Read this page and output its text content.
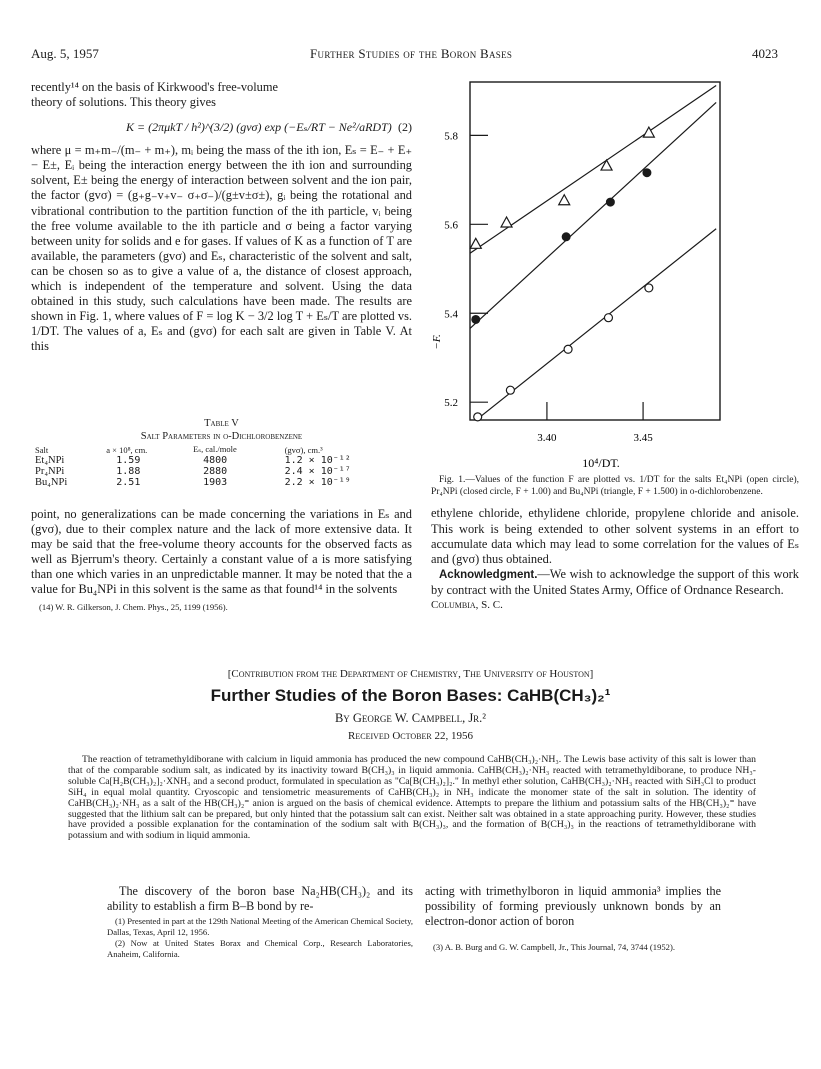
Aug. 5, 1957	Further Studies of the Boron Bases	4023

recently¹⁴ on the basis of Kirkwood's free-volume

theory of solutions. This theory gives

K = (2πμkT / h²)^(3/2) (gvσ) exp (−Eₛ/RT − Ne²/aRDT) (2)

where μ = m₊m₋/(m₋ + m₊), mᵢ being the mass of the ith ion, Eₛ = E₋ + E₊ − E±, Eᵢ being the interaction energy between the ith ion and surrounding solvent, E± being the energy of interaction between solvent and the ion pair, the factor (gvσ) = (g₊g₋v₊v₋ σ₊σ₋)/(g±v±σ±), gᵢ being the rotational and vibrational contribution to the partition function of the ith particle, vᵢ being the free volume available to the ith particle and σ being a factor varying between unity for solids and e for gases. If values of K as a function of T are available, the parameters (gvσ) and Eₛ, characteristic of the solvent and salt, can be chosen so as to give a value of a, the distance of closest approach, which is independent of the temperature and solvent. Using the data obtained in this study, such calculations have been made. The results are shown in Fig. 1, where values of F = log K − 3/2 log T + Eₛ/T are plotted vs. 1/DT. The values of a, Eₛ and (gvσ) for each salt are given in Table V. At this

Table V
Salt Parameters in o-Dichlorobenzene
Salt	a × 10⁸, cm.	Eₛ, cal./mole	(gvσ), cm.³
Et₄NPi	1.59	4800	1.2 × 10⁻¹²
Pr₄NPi	1.88	2880	2.4 × 10⁻¹⁷
Bu₄NPi	2.51	1903	2.2 × 10⁻¹⁹

point, no generalizations can be made concerning the variations in Eₛ and (gvσ), due to their complex nature and the lack of more extensive data. It may be said that the free-volume theory accounts for the observed facts as well as Bjerrum's theory. Certainly a constant value of a is more satisfying than one which varies in an unpredictable manner. It may be noted that the a value for Bu₄NPi in this solvent is the same as that found¹⁴ in the solvents

(14) W. R. Gilkerson, J. Chem. Phys., 25, 1199 (1956).
5.2
5.4
5.6
5.8
3.40	3.45
−F.
10⁴/DT.
Fig. 1.—Values of the function F are plotted vs. 1/DT for the salts Et₄NPi (open circle), Pr₄NPi (closed circle, F + 1.00) and Bu₄NPi (triangle, F + 1.500) in o-dichlorobenzene.
ethylene chloride, ethylidene chloride, propylene chloride and anisole. This work is being extended to other solvent systems in an effort to accumulate data which may lead to some correlation for the values of Eₛ and (gvσ) thus obtained.
Acknowledgment.—We wish to acknowledge the support of this work by contract with the United States Army, Office of Ordnance Research.
Columbia, S. C.
[Contribution from the Department of Chemistry, The University of Houston]
Further Studies of the Boron Bases: CaHB(CH₃)₂¹
By George W. Campbell, Jr.²
Received October 22, 1956
The reaction of tetramethyldiborane with calcium in liquid ammonia has produced the new compound CaHB(CH₃)₂·NH₃. The Lewis base activity of this salt is lower than that of the comparable sodium salt, as indicated by its inactivity toward B(CH₃)₃ in liquid ammonia. CaHB(CH₃)₂·NH₃ reacted with tetramethyldiborane, to produce NH₃-soluble Ca[H₂B(CH₃)₂]₂·XNH₃ and a second product, formulated in speculation as "Ca[B(CH₃)₂]₂." In methyl ether solution, CaHB(CH₃)₂·NH₃ reacted with SiH₃Cl to product SiH₄ in equal molal quantity. Cryoscopic and tensiometric measurements of CaHB(CH₃)₂ in NH₃ indicate the monomer state of the salt in solution. The identity of CaHB(CH₃)₂·NH₃ as a salt of the HB(CH₃)₂⁼ anion is argued on the basis of chemical evidence. Attempts to prepare the lithium and potassium salts of the HB(CH₃)₂⁼ have suggested that the lithium salt can be prepared, but only hinted that the potassium salt can exist. Neither salt was obtained in a state approaching purity. However, these studies have provided a possible explanation for the contamination of the sodium salt with B(CH₃)₃, and the formation of B(CH₃)₃ in the reactions of tetramethyldiborane with potassium and with sodium in liquid ammonia.
The discovery of the boron base Na₂HB(CH₃)₂ and its ability to establish a firm B–B bond by re-
(1) Presented in part at the 129th National Meeting of the American Chemical Society, Dallas, Texas, April 12, 1956.
(2) Now at United States Borax and Chemical Corp., Research Laboratories, Anaheim, California.
acting with trimethylboron in liquid ammonia³ implies the possibility of forming previously unknown bonds by an electron-donor action of boron
(3) A. B. Burg and G. W. Campbell, Jr., This Journal, 74, 3744 (1952).
